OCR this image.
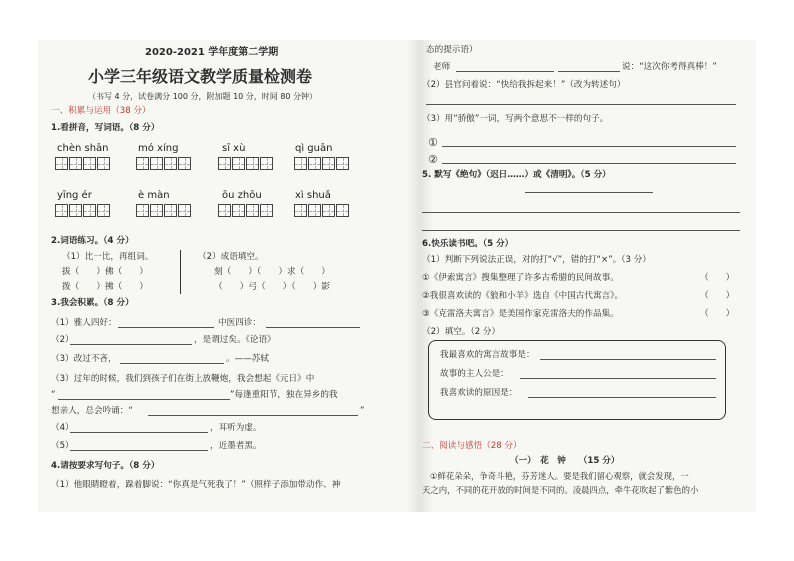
2020-2021 学年度第二学期
小学三年级语文教学质量检测卷
（书写 4 分，试卷满分 100 分，附加题 10 分，时间 80 分钟）
一、积累与运用（38 分）
1.看拼音，写词语。（8 分）
chèn shān	mó xíng	sī xù	qì guān
yīng ér	è màn	ōu zhōu	xì shuǎ
2.词语练习。（4 分）
（1）比一比，再组词。
拔（　　）佛（　　）
拨（　　）拂（　　）
（2）成语填空。
刻（　　）（　　）求（　　）
（　　）弓（　　）（　　）影
3.我会积累。（8 分）
（1）雅人四好：	中医四诊：
（2）	，是谓过矣。《论语》
（3）改过不吝，	。——苏轼
（3）过年的时候，我们到孩子们在街上放鞭炮，我会想起《元日》中
“	”每逢重阳节，独在异乡的我
想亲人，总会吟诵：“	”
（4）	，耳听为虚。
（5）	，近墨者黑。
4.请按要求写句子。（8 分）
（1）他眼睛瞪着，跺着脚说：“你真是气死我了！”（照样子添加带动作、神
态的提示语）
老师	说：“这次你考得真棒！”
（2）县官问着说：“快给我拆起来！”（改为转述句）
（3）用“骄傲”一词，写两个意思不一样的句子。
①
②
5. 默写《绝句》（迟日……）或《清明》。（5 分）
6.快乐读书吧。（5 分）
（1）判断下列说法正误，对的打“√”，错的打“×”。（3 分）
①《伊索寓言》搜集整理了许多古希腊的民间故事。	（　　）
②我很喜欢读的《狼和小羊》选自《中国古代寓言》。	（　　）
③《克雷洛夫寓言》是美国作家克雷洛夫的作品集。	（　　）
（2）填空。（2 分）
我最喜欢的寓言故事是：
故事的主人公是：
我喜欢读的原因是：
二、阅读与感悟（28 分）
（一）　花　钟　　（15 分）
①鲜花朵朵，争奇斗艳，芬芳迷人。要是我们留心观察，就会发现，一
天之内，不同的花开放的时间是不同的。凌晨四点，牵牛花吹起了紫色的小
